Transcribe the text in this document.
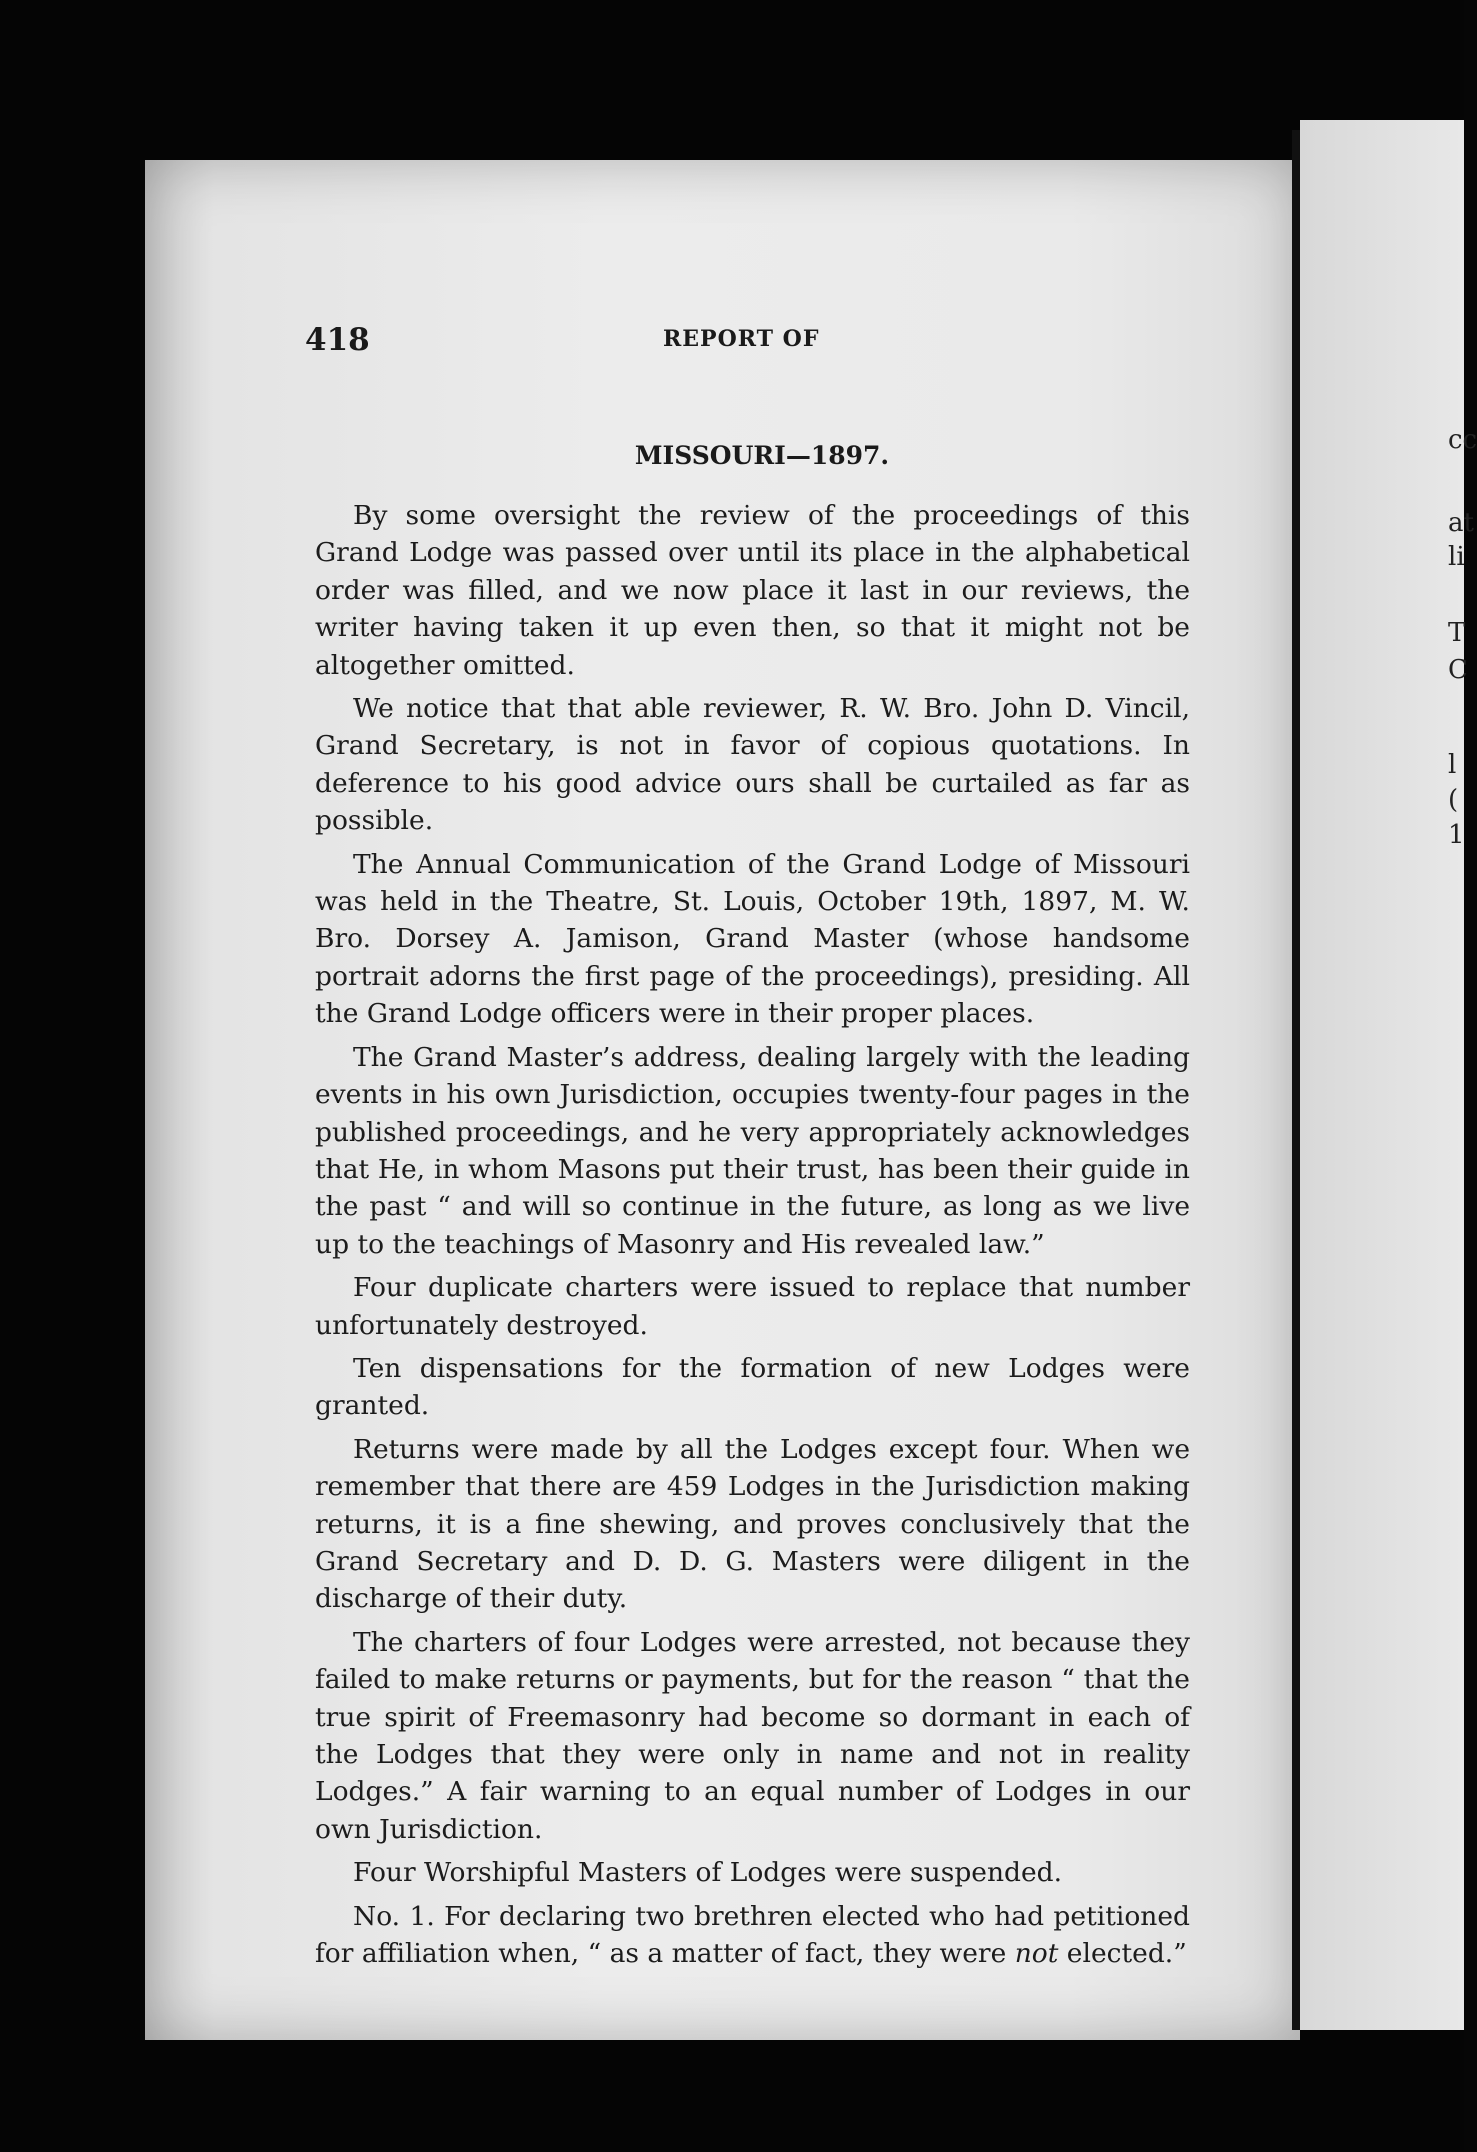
cc
at
li
T
C
l
(
1
418	REPORT OF
MISSOURI—1897.

By some oversight the review of the proceedings of this Grand Lodge was passed over until its place in the alphabetical order was filled, and we now place it last in our reviews, the writer having taken it up even then, so that it might not be altogether omitted.

We notice that that able reviewer, R. W. Bro. John D. Vincil, Grand Secretary, is not in favor of copious quotations. In deference to his good advice ours shall be curtailed as far as possible.

The Annual Communication of the Grand Lodge of Missouri was held in the Theatre, St. Louis, October 19th, 1897, M. W. Bro. Dorsey A. Jamison, Grand Master (whose handsome portrait adorns the first page of the proceedings), presiding. All the Grand Lodge officers were in their proper places.

The Grand Master’s address, dealing largely with the leading events in his own Jurisdiction, occupies twenty-four pages in the published proceedings, and he very appropriately acknowledges that He, in whom Masons put their trust, has been their guide in the past “ and will so continue in the future, as long as we live up to the teachings of Masonry and His revealed law.”

Four duplicate charters were issued to replace that number unfortunately destroyed.

Ten dispensations for the formation of new Lodges were granted.

Returns were made by all the Lodges except four. When we remember that there are 459 Lodges in the Jurisdiction making returns, it is a fine shewing, and proves conclusively that the Grand Secretary and D. D. G. Masters were diligent in the discharge of their duty.

The charters of four Lodges were arrested, not because they failed to make returns or payments, but for the reason “ that the true spirit of Freemasonry had become so dormant in each of the Lodges that they were only in name and not in reality Lodges.” A fair warning to an equal number of Lodges in our own Jurisdiction.

Four Worshipful Masters of Lodges were suspended.

No. 1. For declaring two brethren elected who had petitioned for affiliation when, “ as a matter of fact, they were not elected.”
